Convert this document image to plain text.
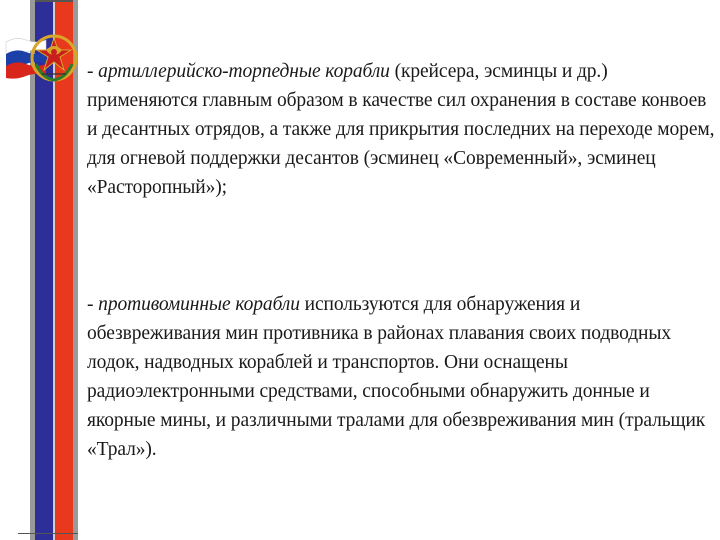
- артиллерийско-торпедные корабли (крейсера, эсминцы и др.) применяются главным образом в качестве сил охранения в составе конвоев и десантных отрядов, а также для прикрытия последних на переходе морем, для огневой поддержки десантов (эсминец «Современный», эсминец «Расторопный»);

- противоминные корабли используются для обнаружения и обезвреживания мин противника в районах плавания своих подводных лодок, надводных кораблей и транспортов. Они оснащены радиоэлектронными средствами, способными обнаружить донные и якорные мины, и различными тралами для обезвреживания мин (тральщик «Трал»).
